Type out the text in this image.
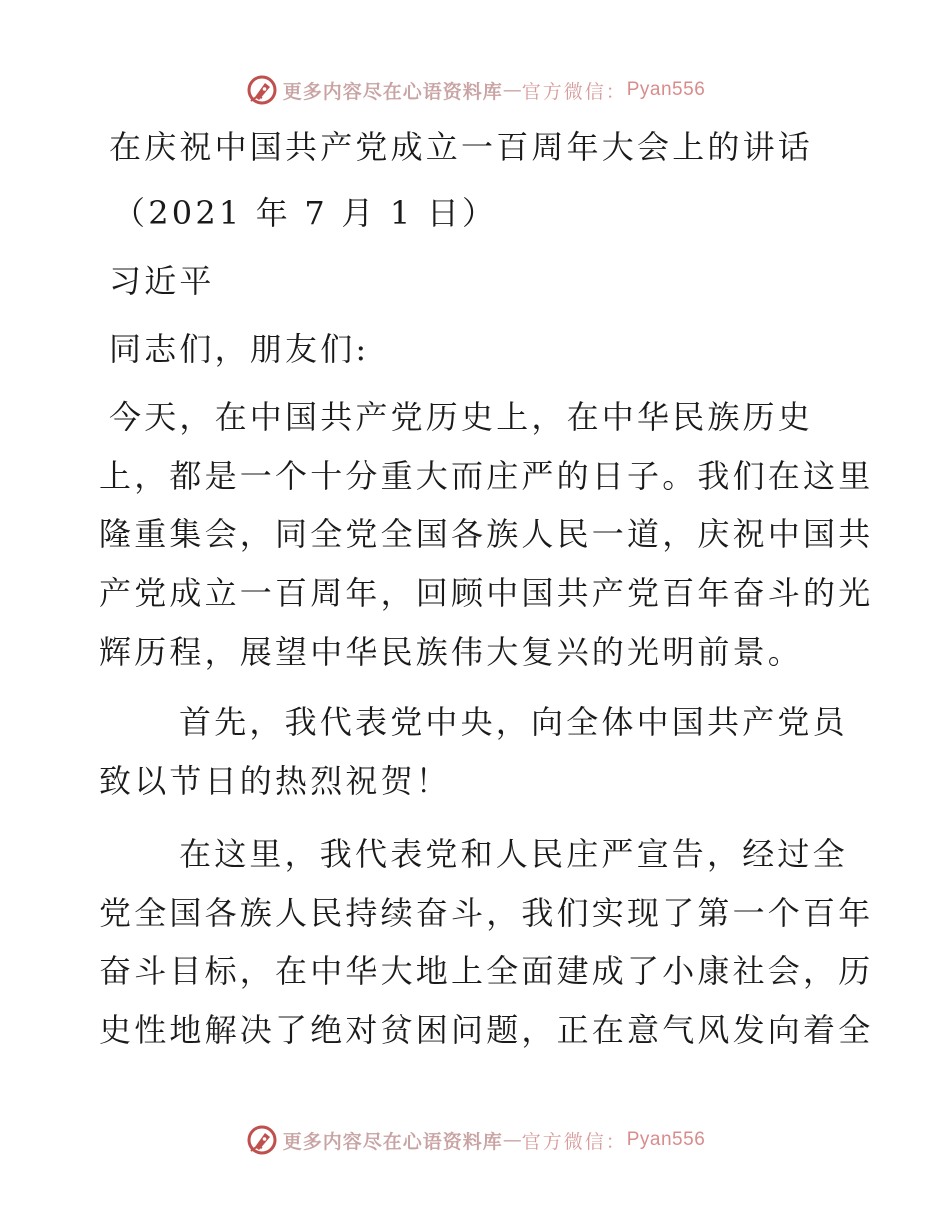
更多内容尽在心语资料库 — 官方微信： Pyan556
在庆祝中国共产党成立一百周年大会上的讲话
（2021 年 7 月 1 日）
习近平
同志们，朋友们:
今天，在中国共产党历史上，在中华民族历史
上，都是一个十分重大而庄严的日子。我们在这里
隆重集会，同全党全国各族人民一道，庆祝中国共
产党成立一百周年，回顾中国共产党百年奋斗的光
辉历程，展望中华民族伟大复兴的光明前景。
首先，我代表党中央，向全体中国共产党员
致以节日的热烈祝贺！
在这里，我代表党和人民庄严宣告，经过全
党全国各族人民持续奋斗，我们实现了第一个百年
奋斗目标，在中华大地上全面建成了小康社会，历
史性地解决了绝对贫困问题，正在意气风发向着全
更多内容尽在心语资料库 — 官方微信： Pyan556
